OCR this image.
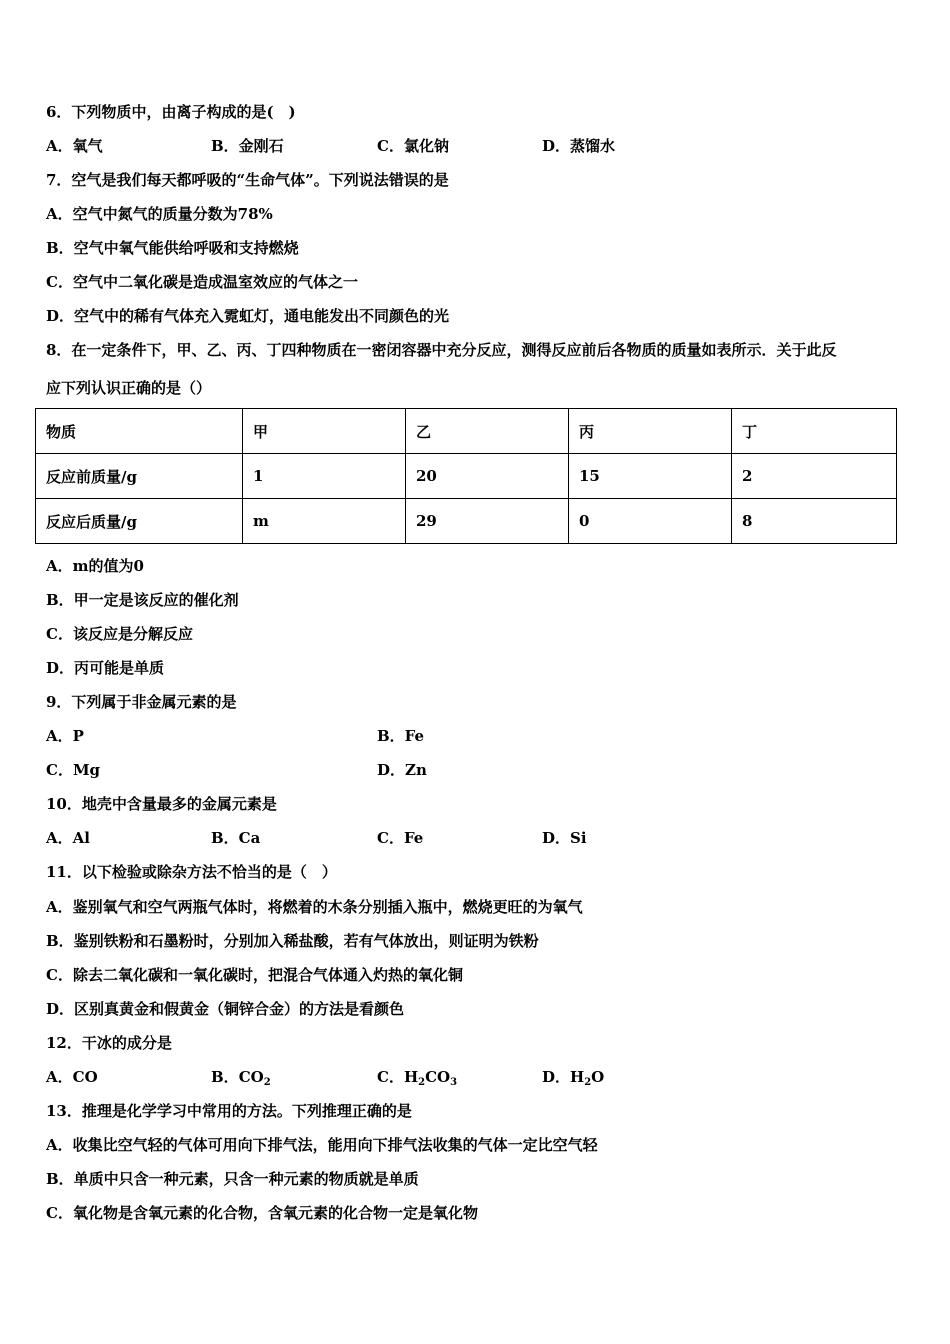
6．下列物质中，由离子构成的是(　)
A．氧气	B．金刚石	C．氯化钠	D．蒸馏水
7．空气是我们每天都呼吸的“生命气体”。下列说法错误的是
A．空气中氮气的质量分数为78%
B．空气中氧气能供给呼吸和支持燃烧
C．空气中二氧化碳是造成温室效应的气体之一
D．空气中的稀有气体充入霓虹灯，通电能发出不同颜色的光
8．在一定条件下，甲、乙、丙、丁四种物质在一密闭容器中充分反应，测得反应前后各物质的质量如表所示．关于此反
应下列认识正确的是（）
物质	甲	乙	丙	丁
反应前质量/g	1	20	15	2
反应后质量/g	m	29	0	8
A．m的值为0
B．甲一定是该反应的催化剂
C．该反应是分解反应
D．丙可能是单质
9．下列属于非金属元素的是
A．P	B．Fe
C．Mg	D．Zn
10．地壳中含量最多的金属元素是
A．Al	B．Ca	C．Fe	D．Si
11．以下检验或除杂方法不恰当的是（　）
A．鉴别氧气和空气两瓶气体时，将燃着的木条分别插入瓶中，燃烧更旺的为氧气
B．鉴别铁粉和石墨粉时，分别加入稀盐酸，若有气体放出，则证明为铁粉
C．除去二氧化碳和一氧化碳时，把混合气体通入灼热的氧化铜
D．区别真黄金和假黄金（铜锌合金）的方法是看颜色
12．干冰的成分是
A．CO	B．$CO_2$	C．$H_2CO_3$	D．$H_2O$
13．推理是化学学习中常用的方法。下列推理正确的是
A．收集比空气轻的气体可用向下排气法，能用向下排气法收集的气体一定比空气轻
B．单质中只含一种元素，只含一种元素的物质就是单质
C．氧化物是含氧元素的化合物，含氧元素的化合物一定是氧化物
